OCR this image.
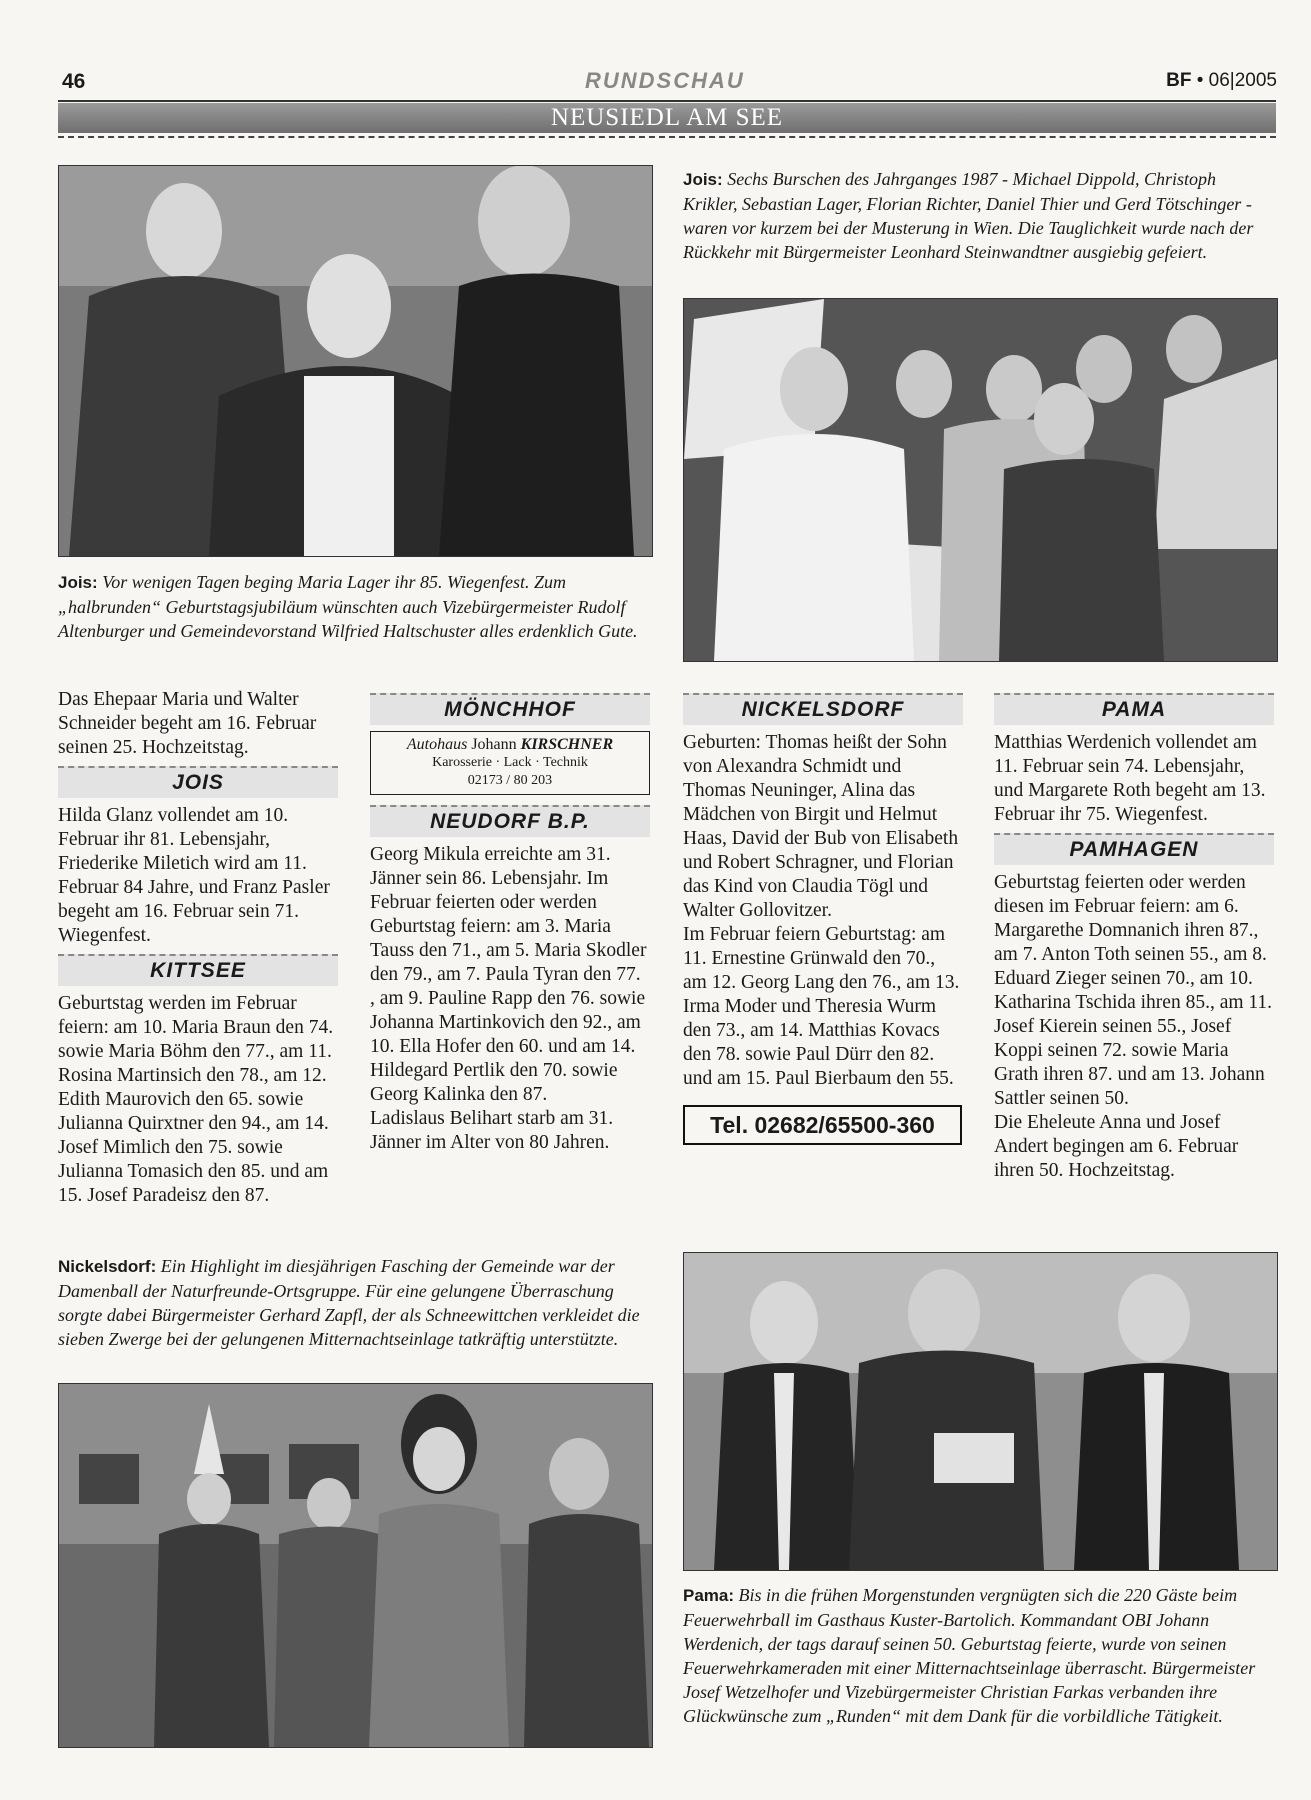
46	RUNDSCHAU	BF • 06|2005
NEUSIEDL AM SEE
Jois: Vor wenigen Tagen beging Maria Lager ihr 85. Wiegenfest. Zum „halbrunden“ Geburtstagsjubiläum wünschten auch Vizebürgermeister Rudolf Altenburger und Gemeindevorstand Wilfried Haltschuster alles erdenklich Gute.
Jois: Sechs Burschen des Jahrganges 1987 - Michael Dippold, Christoph Krikler, Sebastian Lager, Florian Richter, Daniel Thier und Gerd Tötschinger - waren vor kurzem bei der Musterung in Wien. Die Tauglichkeit wurde nach der Rückkehr mit Bürgermeister Leonhard Steinwandtner ausgiebig gefeiert.

Das Ehepaar Maria und Walter Schneider begeht am 16. Februar seinen 25. Hochzeitstag.

JOIS

Hilda Glanz vollendet am 10. Februar ihr 81. Lebensjahr, Friederike Miletich wird am 11. Februar 84 Jahre, und Franz Pasler begeht am 16. Februar sein 71. Wiegenfest.

KITTSEE

Geburtstag werden im Februar feiern: am 10. Maria Braun den 74. sowie Maria Böhm den 77., am 11. Rosina Martinsich den 78., am 12. Edith Maurovich den 65. sowie Julianna Quirxtner den 94., am 14. Josef Mimlich den 75. sowie Julianna Tomasich den 85. und am 15. Josef Paradeisz den 87.

MÖNCHHOF
Autohaus Johann KIRSCHNER
Karosserie · Lack · Technik
02173 / 80 203
NEUDORF B.P.

Georg Mikula erreichte am 31. Jänner sein 86. Lebensjahr. Im Februar feierten oder werden Geburtstag feiern: am 3. Maria Tauss den 71., am 5. Maria Skodler den 79., am 7. Paula Tyran den 77. , am 9. Pauline Rapp den 76. sowie Johanna Martinkovich den 92., am 10. Ella Hofer den 60. und am 14. Hildegard Pertlik den 70. sowie Georg Kalinka den 87.

Ladislaus Belihart starb am 31. Jänner im Alter von 80 Jahren.

NICKELSDORF

Geburten: Thomas heißt der Sohn von Alexandra Schmidt und Thomas Neuninger, Alina das Mädchen von Birgit und Helmut Haas, David der Bub von Elisabeth und Robert Schragner, und Florian das Kind von Claudia Tögl und Walter Gollovitzer.

Im Februar feiern Geburtstag: am 11. Ernestine Grünwald den 70., am 12. Georg Lang den 76., am 13. Irma Moder und Theresia Wurm den 73., am 14. Matthias Kovacs den 78. sowie Paul Dürr den 82. und am 15. Paul Bierbaum den 55.

Tel. 02682/65500-360
PAMA

Matthias Werdenich vollendet am 11. Februar sein 74. Lebensjahr, und Margarete Roth begeht am 13. Februar ihr 75. Wiegenfest.

PAMHAGEN

Geburtstag feierten oder werden diesen im Februar feiern: am 6. Margarethe Domnanich ihren 87., am 7. Anton Toth seinen 55., am 8. Eduard Zieger seinen 70., am 10. Katharina Tschida ihren 85., am 11. Josef Kierein seinen 55., Josef Koppi seinen 72. sowie Maria Grath ihren 87. und am 13. Johann Sattler seinen 50.

Die Eheleute Anna und Josef Andert begingen am 6. Februar ihren 50. Hochzeitstag.

Nickelsdorf: Ein Highlight im diesjährigen Fasching der Gemeinde war der Damenball der Naturfreunde-Ortsgruppe. Für eine gelungene Überraschung sorgte dabei Bürgermeister Gerhard Zapfl, der als Schneewittchen verkleidet die sieben Zwerge bei der gelungenen Mitternachtseinlage tatkräftig unterstützte.
Pama: Bis in die frühen Morgenstunden vergnügten sich die 220 Gäste beim Feuerwehrball im Gasthaus Kuster-Bartolich. Kommandant OBI Johann Werdenich, der tags darauf seinen 50. Geburtstag feierte, wurde von seinen Feuerwehrkameraden mit einer Mitternachtseinlage überrascht. Bürgermeister Josef Wetzelhofer und Vizebürgermeister Christian Farkas verbanden ihre Glückwünsche zum „Runden“ mit dem Dank für die vorbildliche Tätigkeit.
